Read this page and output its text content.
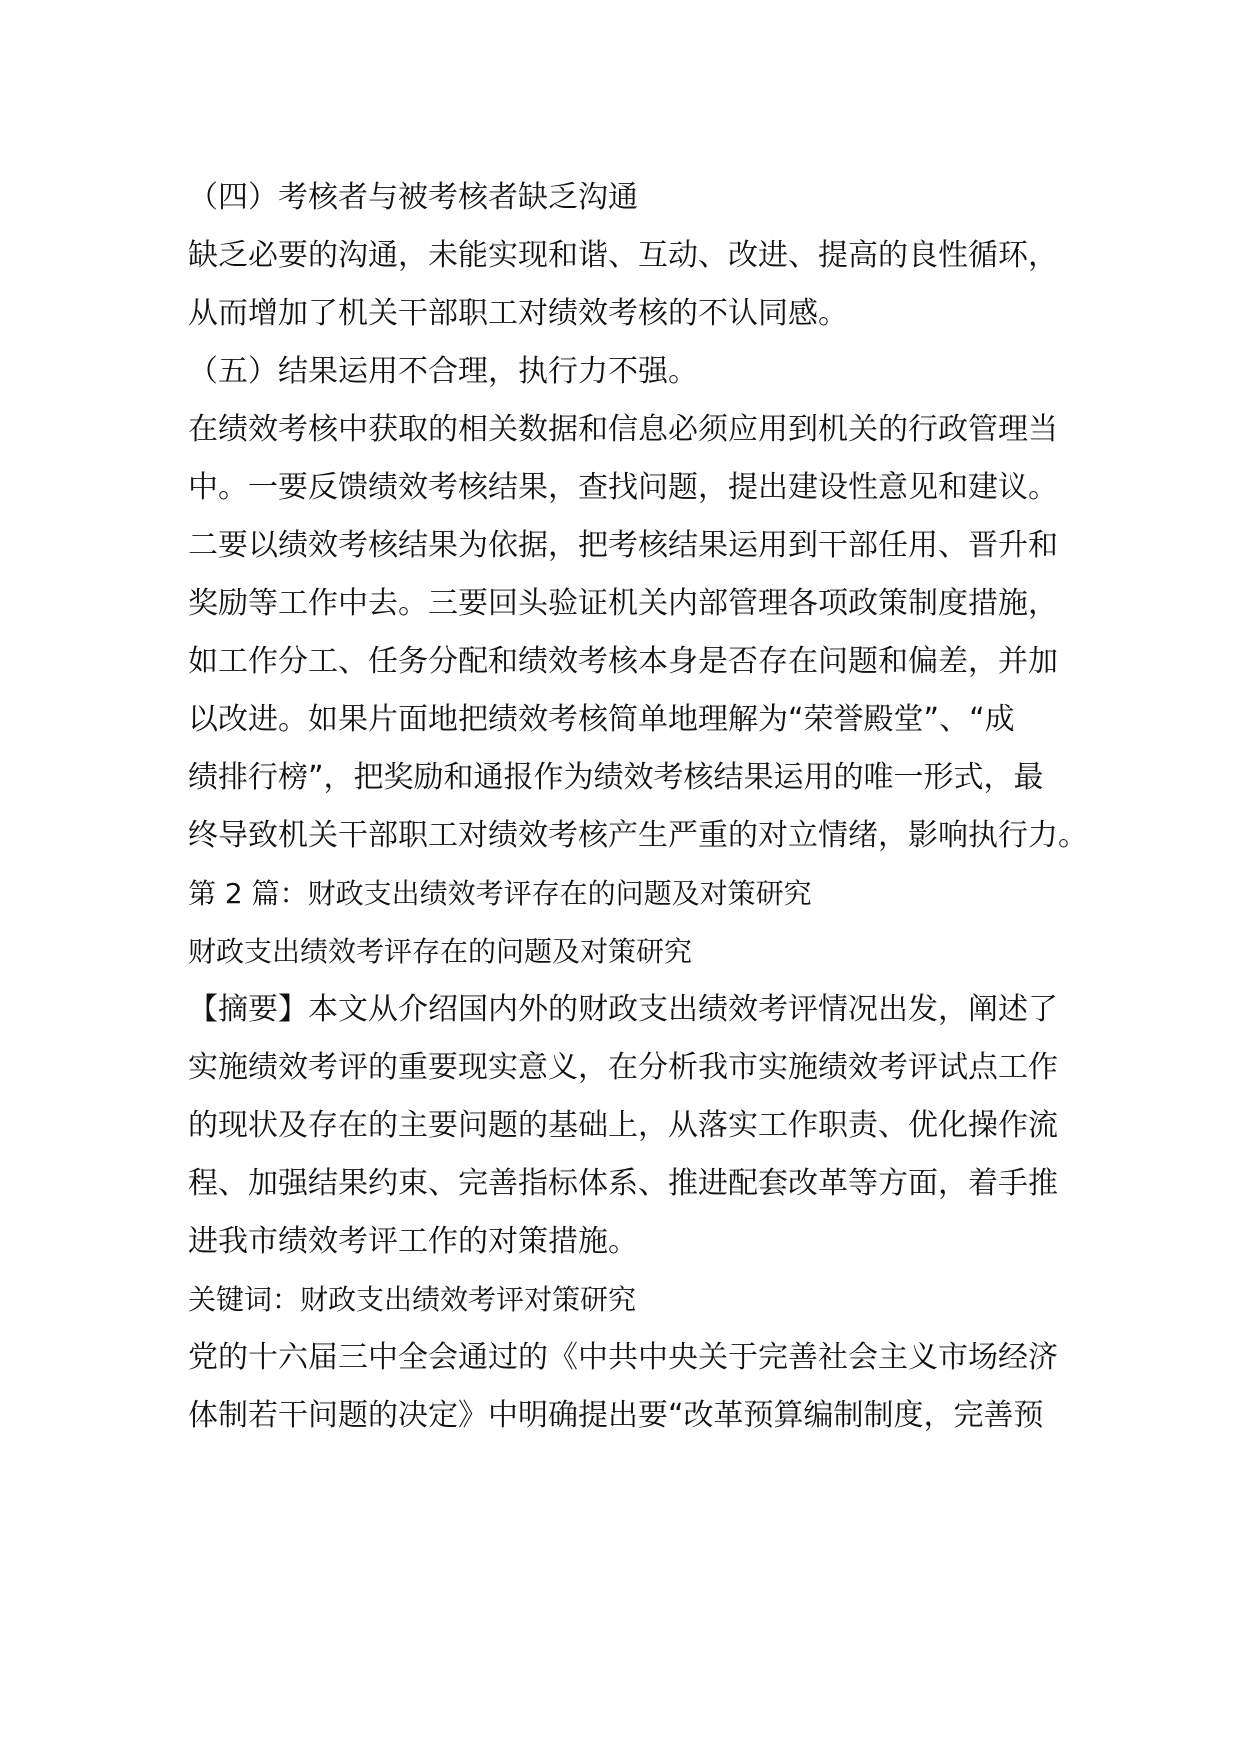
（四）考核者与被考核者缺乏沟通
缺乏必要的沟通，未能实现和谐、互动、改进、提高的良性循环，
从而增加了机关干部职工对绩效考核的不认同感。
（五）结果运用不合理，执行力不强。
在绩效考核中获取的相关数据和信息必须应用到机关的行政管理当
中。一要反馈绩效考核结果，查找问题，提出建设性意见和建议。
二要以绩效考核结果为依据，把考核结果运用到干部任用、晋升和
奖励等工作中去。三要回头验证机关内部管理各项政策制度措施，
如工作分工、任务分配和绩效考核本身是否存在问题和偏差，并加
以改进。如果片面地把绩效考核简单地理解为“荣誉殿堂”、“成
绩排行榜”，把奖励和通报作为绩效考核结果运用的唯一形式，最
终导致机关干部职工对绩效考核产生严重的对立情绪，影响执行力。
第 2 篇：财政支出绩效考评存在的问题及对策研究
财政支出绩效考评存在的问题及对策研究
【摘要】本文从介绍国内外的财政支出绩效考评情况出发，阐述了
实施绩效考评的重要现实意义，在分析我市实施绩效考评试点工作
的现状及存在的主要问题的基础上，从落实工作职责、优化操作流
程、加强结果约束、完善指标体系、推进配套改革等方面，着手推
进我市绩效考评工作的对策措施。
关键词：财政支出绩效考评对策研究
党的十六届三中全会通过的《中共中央关于完善社会主义市场经济
体制若干问题的决定》中明确提出要“改革预算编制制度，完善预
